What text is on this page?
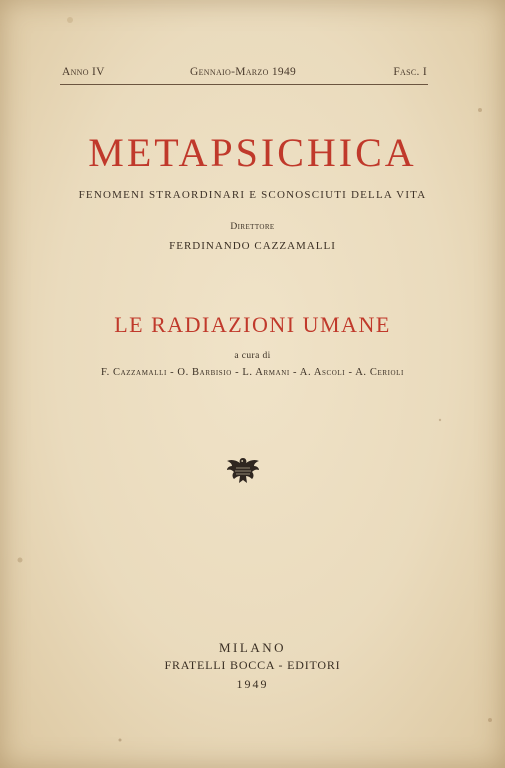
Anno IV	Gennaio-Marzo 1949	Fasc. I
METAPSICHICA
FENOMENI STRAORDINARI E SCONOSCIUTI DELLA VITA
Direttore
FERDINANDO CAZZAMALLI
LE RADIAZIONI UMANE
a cura di
F. Cazzamalli - O. Barbisio - L. Armani - A. Ascoli - A. Cerioli
MILANO
FRATELLI BOCCA - EDITORI
1949
